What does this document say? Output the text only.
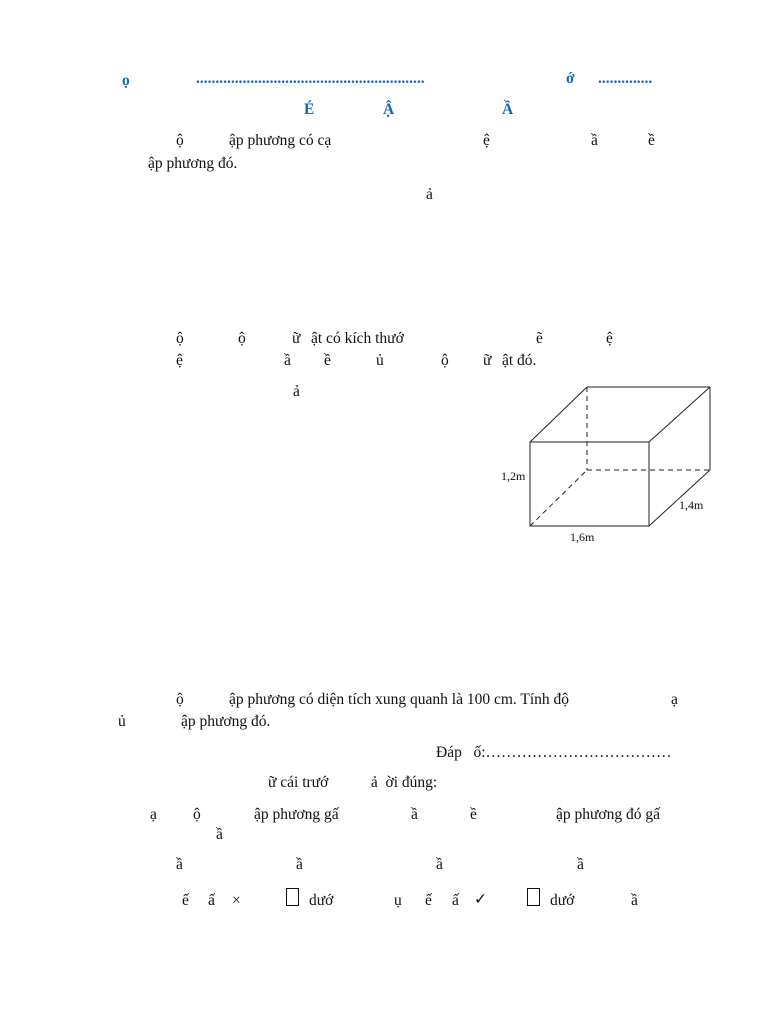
ọ	...........................................................	ớ ..............
É	Ậ	Ầ
ộ	ập phương có cạ	ệ	ầ	ề
ập phương đó.
ả
ộ	ộ	ữ ật có kích thướ	ẽ	ệ
ệ	ầ ề	ủ	ộ ữ ật đó.
ả
1,2m
1,4m
1,6m
ộ	ập phương có diện tích xung quanh là 100 cm. Tính độ	ạ
ủ	ập phương đó.
Đáp   ố:………………………………
ữ cái trướ           ả  ời đúng:
ạ ộ	ập phương gấ	ầ	ề	ập phương đó gấ
ầ
ầ	ầ	ầ	ầ
ế ấ ×	dướ	ụ ế ấ ✓	dướ	ầ
